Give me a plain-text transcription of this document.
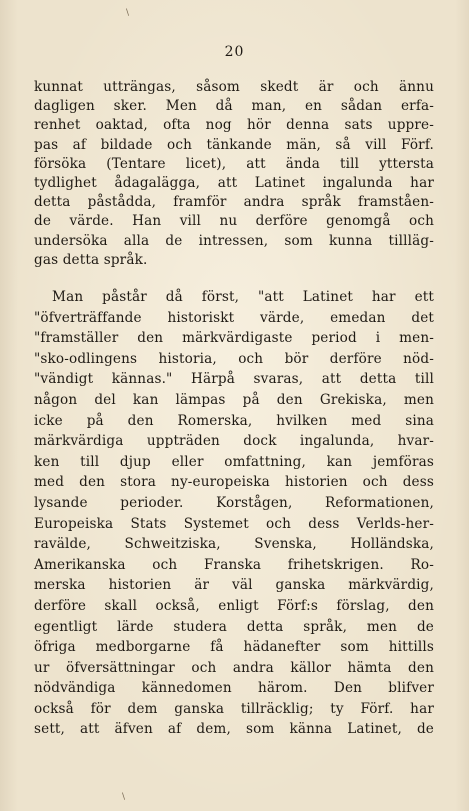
\
20
kunnat utträngas, såsom skedt är och ännu
dagligen sker. Men då man, en sådan erfa-
renhet oaktad, ofta nog hör denna sats uppre-
pas af bildade och tänkande män, så vill Förf.
försöka (Tentare licet), att ända till yttersta
tydlighet ådagalägga, att Latinet ingalunda har
detta påstådda, framför andra språk framståen-
de värde. Han vill nu derföre genomgå och
undersöka alla de intressen, som kunna tillläg-
gas detta språk.
Man påstår då först, "att Latinet har ett
"öfverträffande historiskt värde, emedan det
"framställer den märkvärdigaste period i men-
"sko-odlingens historia, och bör derföre nöd-
"vändigt kännas." Härpå svaras, att detta till
någon del kan lämpas på den Grekiska, men
icke på den Romerska, hvilken med sina
märkvärdiga uppträden dock ingalunda, hvar-
ken till djup eller omfattning, kan jemföras
med den stora ny-europeiska historien och dess
lysande perioder. Korstågen, Reformationen,
Europeiska Stats Systemet och dess Verlds-her-
ravälde, Schweitziska, Svenska, Holländska,
Amerikanska och Franska frihetskrigen. Ro-
merska historien är väl ganska märkvärdig,
derföre skall också, enligt Förf:s förslag, den
egentligt lärde studera detta språk, men de
öfriga medborgarne få hädanefter som hittills
ur öfversättningar och andra källor hämta den
nödvändiga kännedomen härom. Den blifver
också för dem ganska tillräcklig; ty Förf. har
sett, att äfven af dem, som känna Latinet, de
\
